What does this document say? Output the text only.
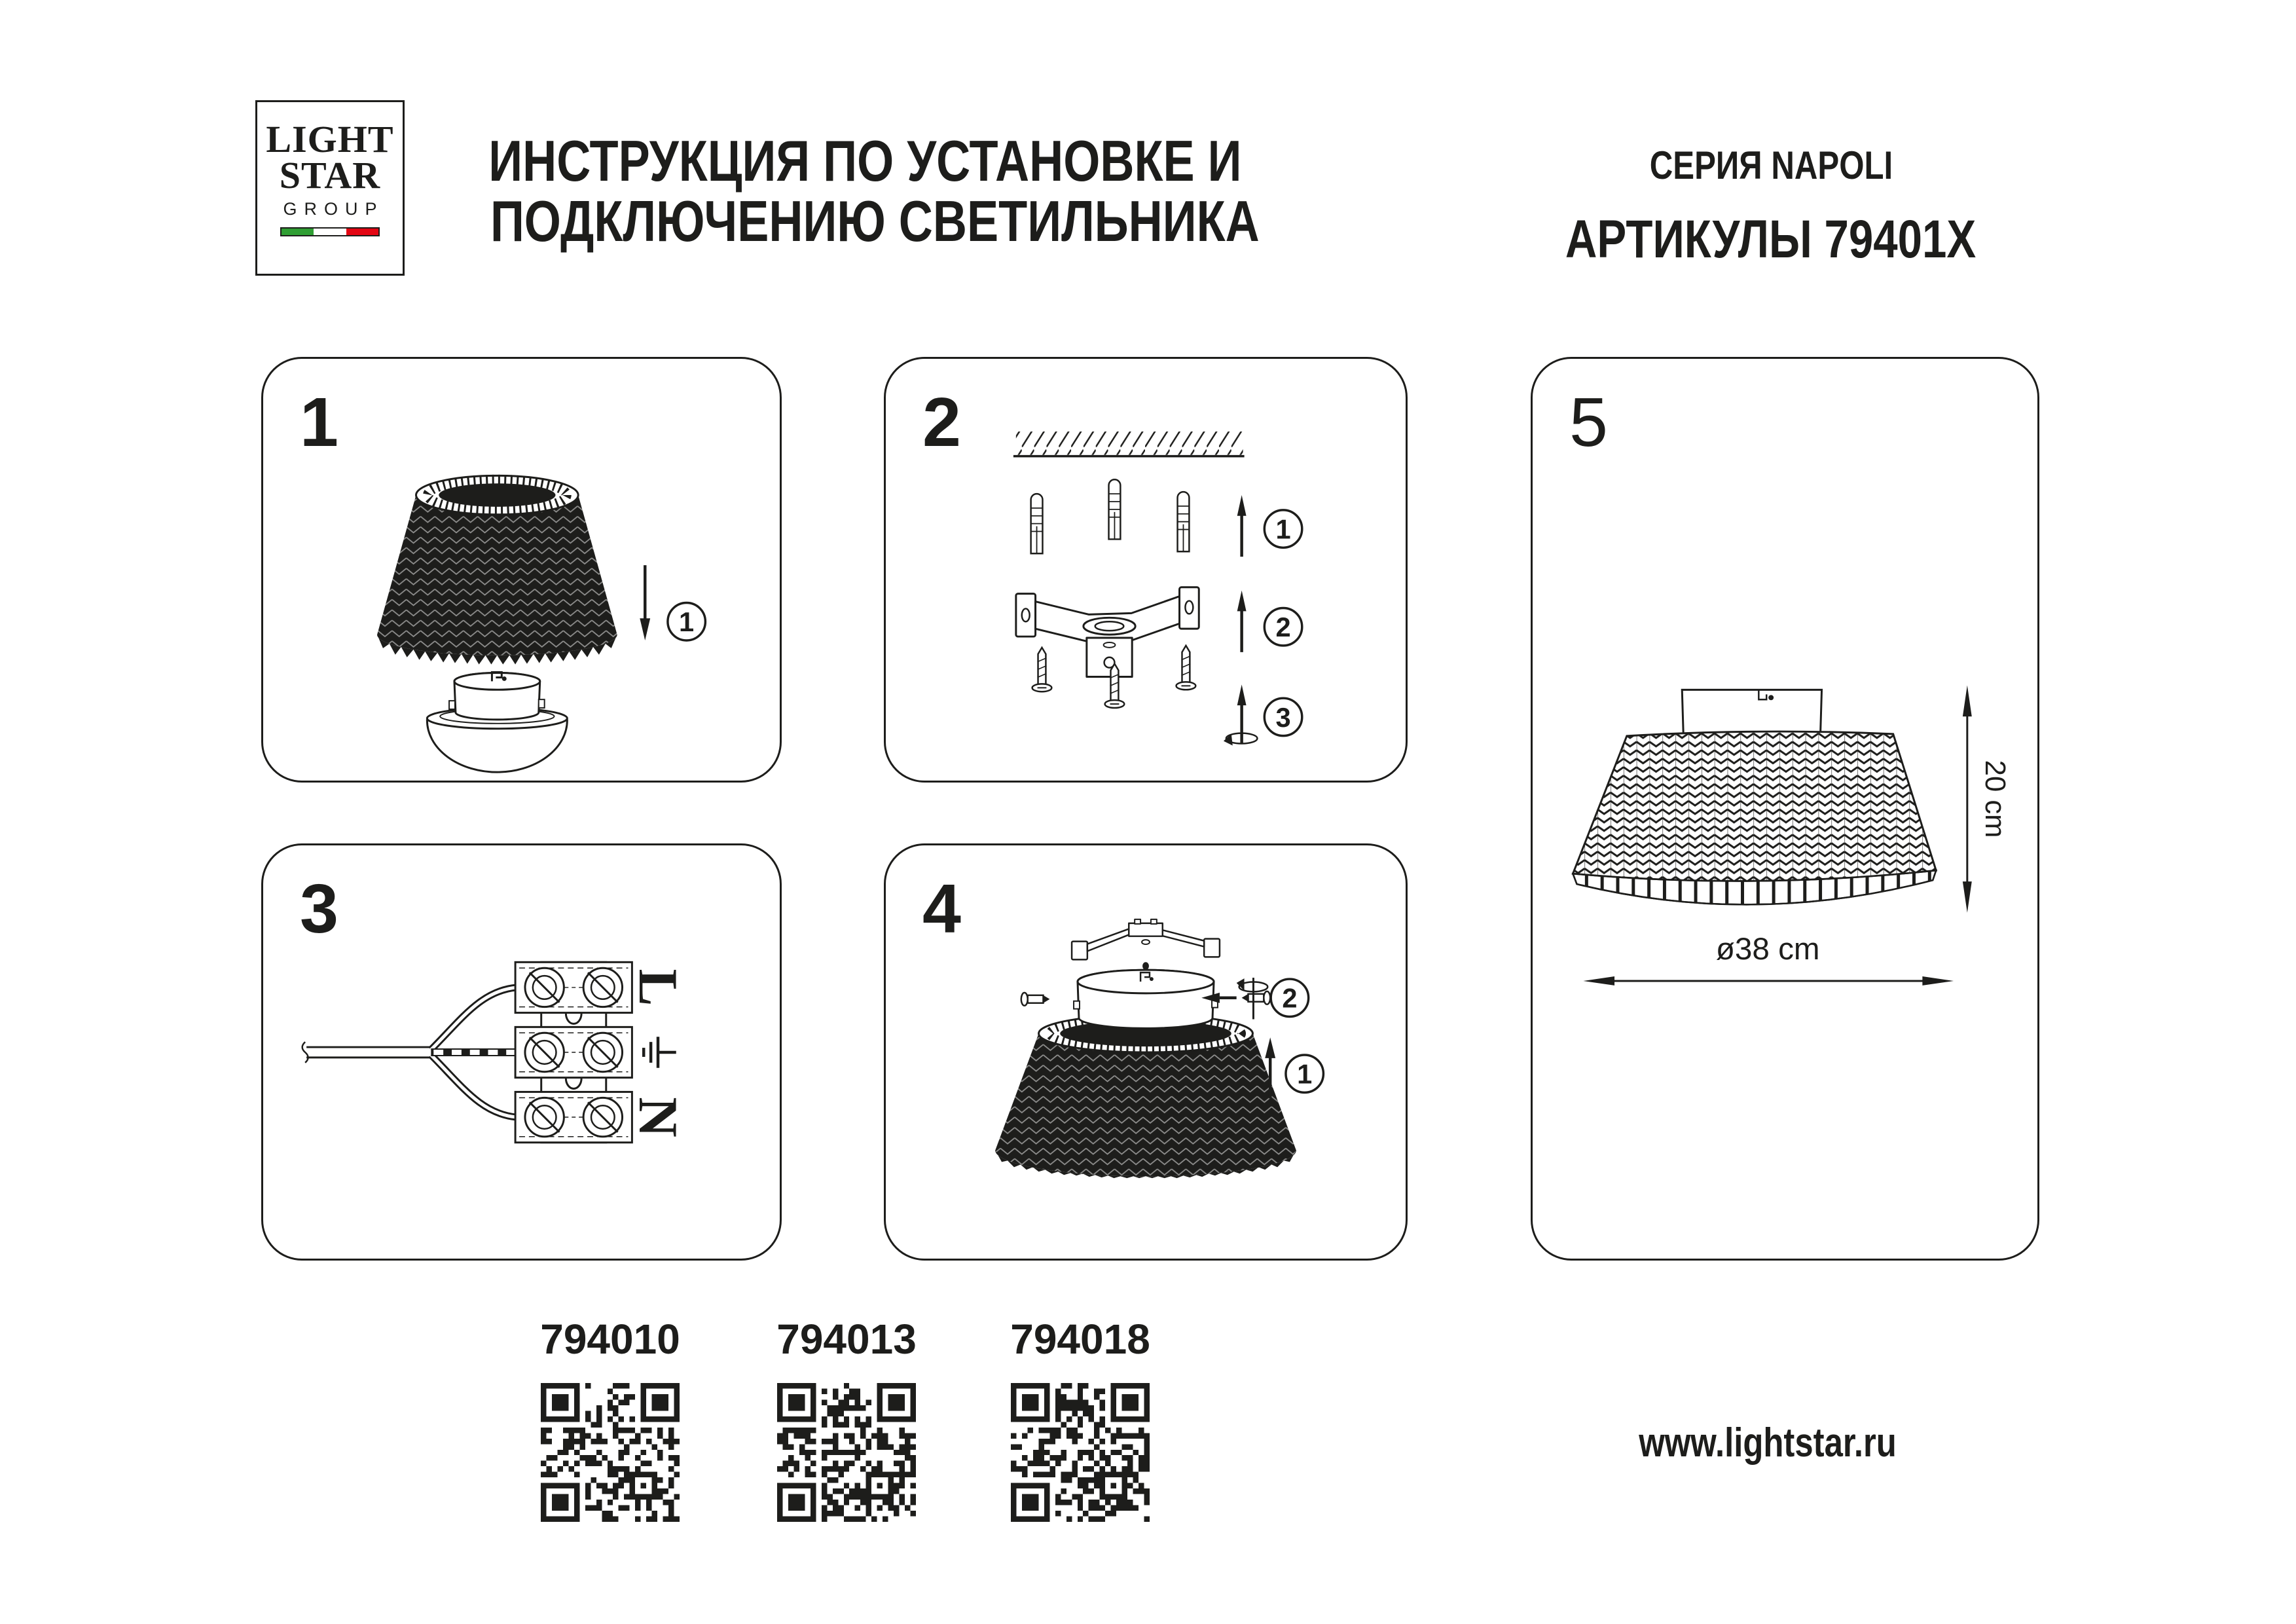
LIGHT
STAR
GROUP
ИНСТРУКЦИЯ ПО УСТАНОВКЕ И
ПОДКЛЮЧЕНИЮ СВЕТИЛЬНИКА
СЕРИЯ NAPOLI
АРТИКУЛЫ 79401X
1
1
1
2
3
2
L
N
3
2
1
4
20 cm
ø38 cm
5
794010	794013	794018
www.lightstar.ru
